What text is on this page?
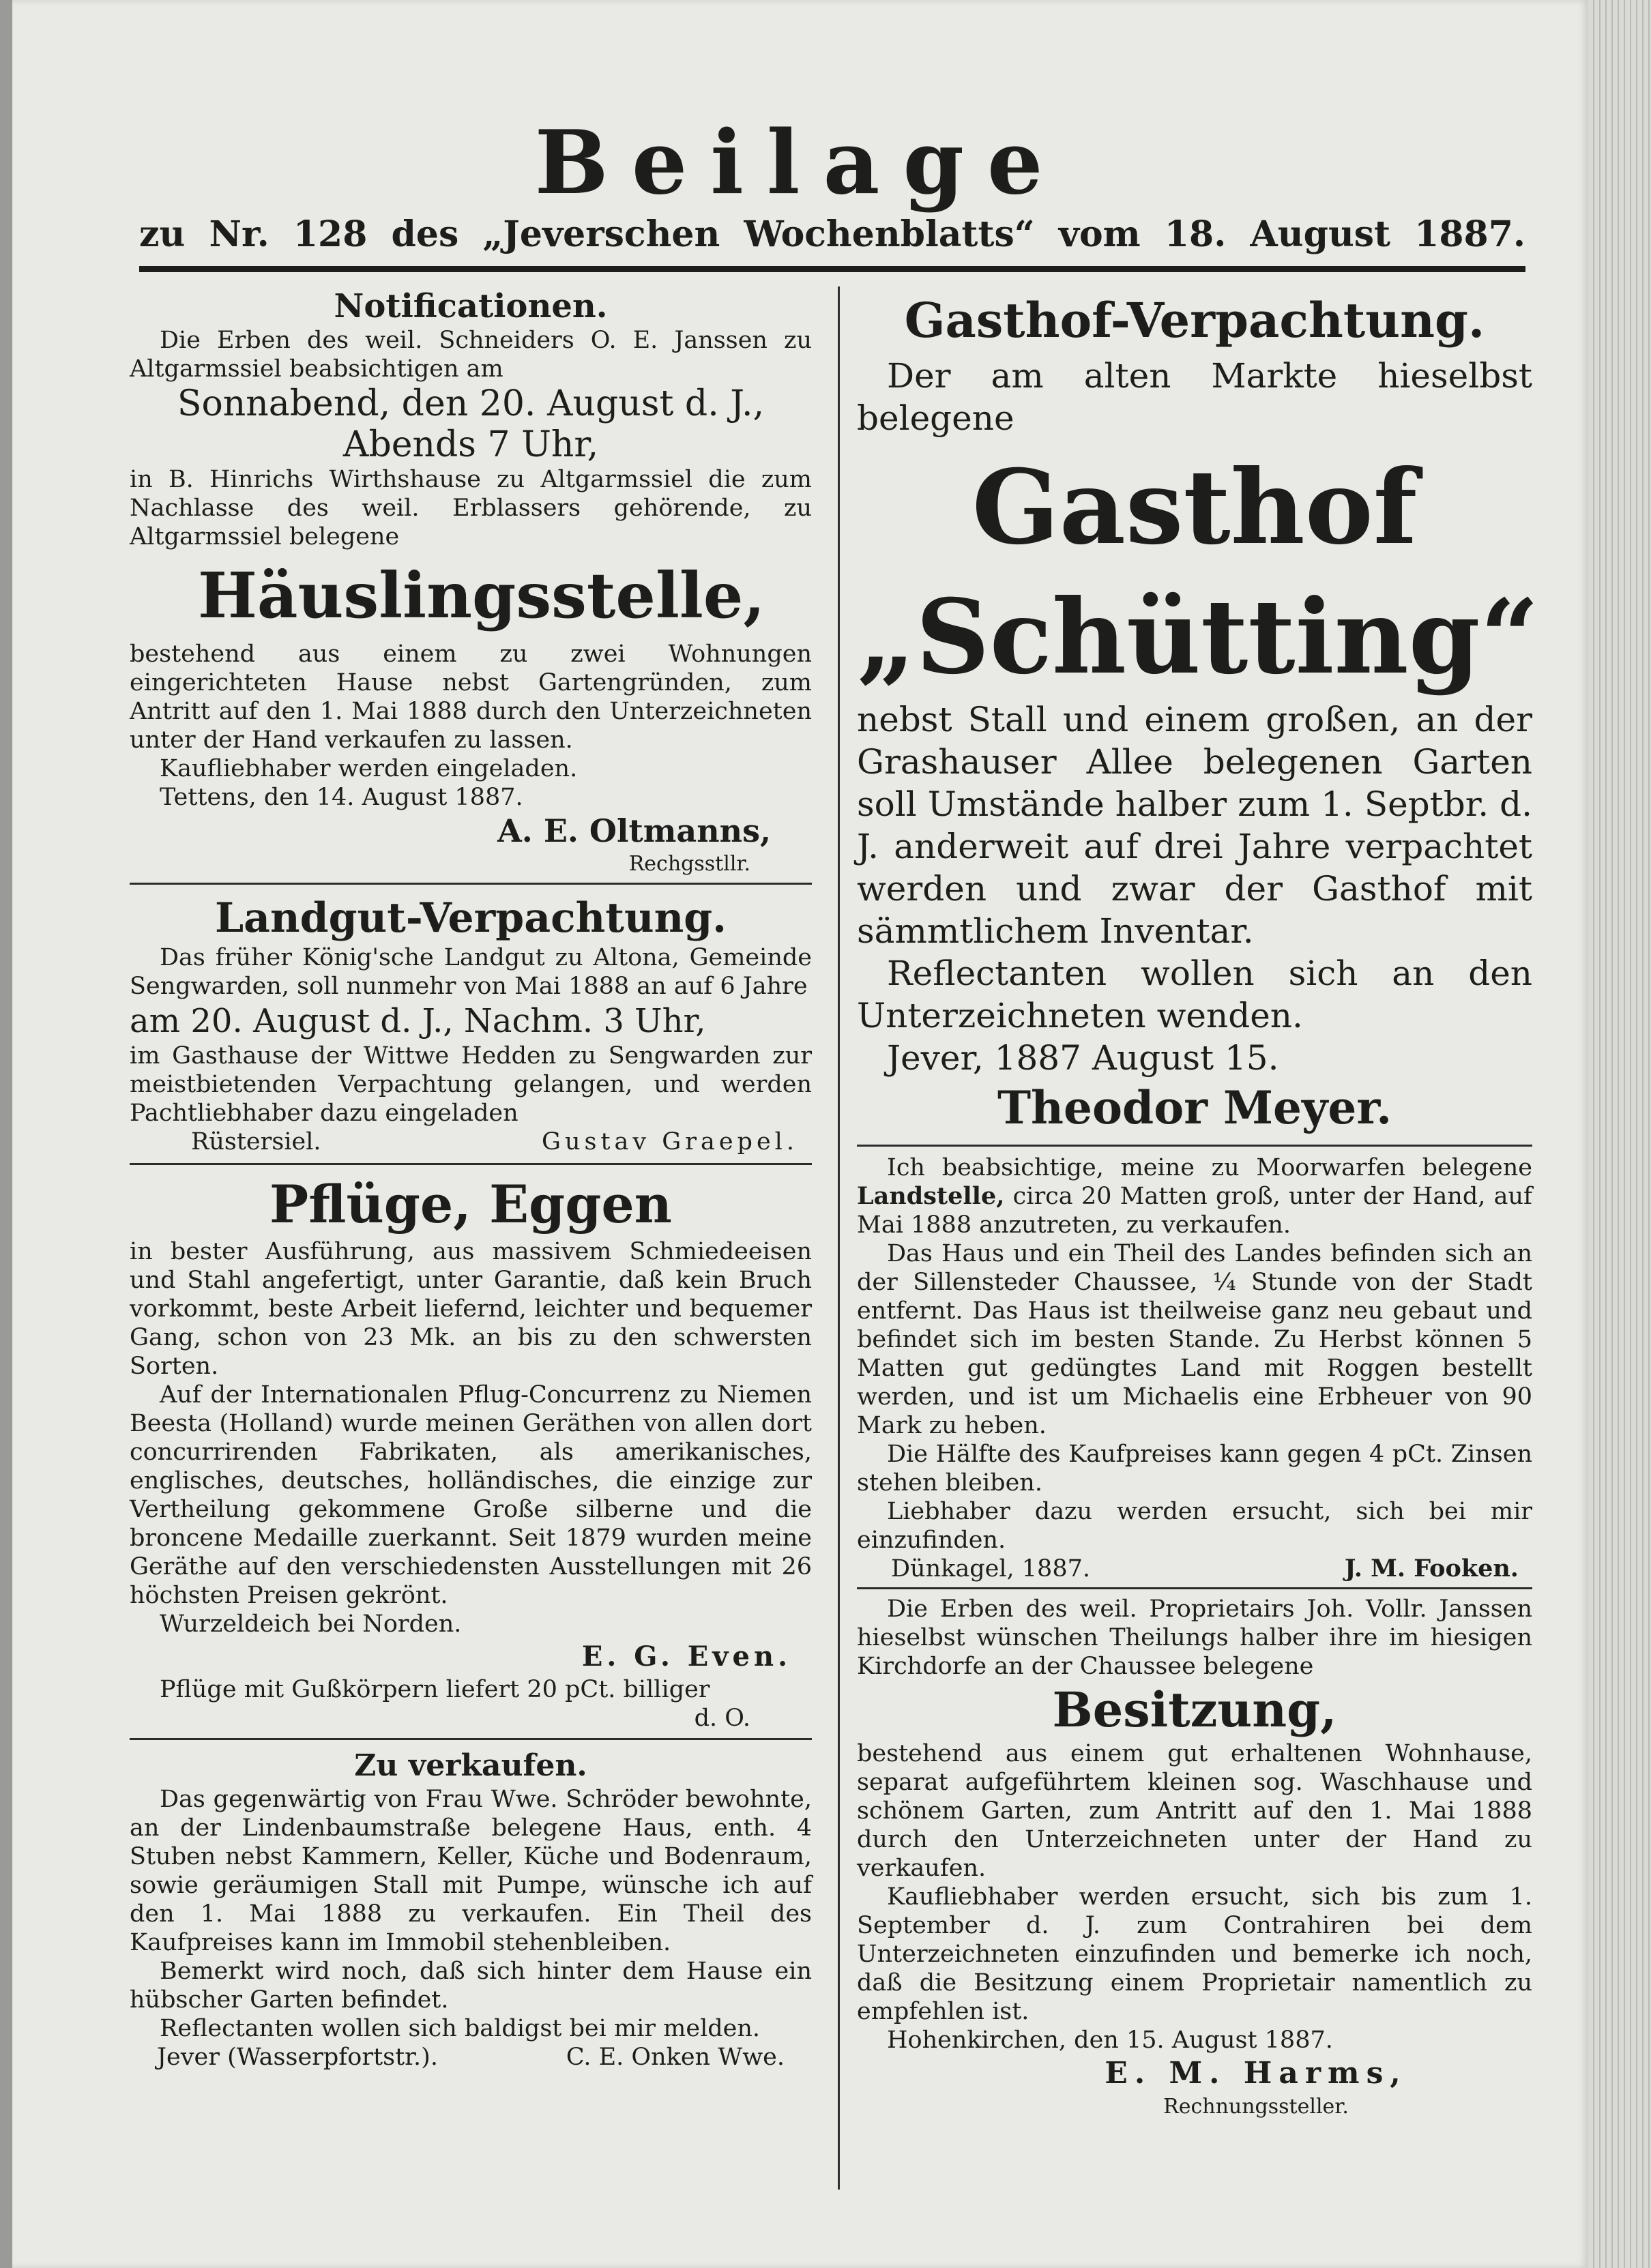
Beilage
zu Nr. 128 des „Jeverschen Wochenblatts“ vom 18. August 1887.
Notificationen.

Die Erben des weil. Schneiders O. E. Janssen zu Altgarmssiel beabsichtigen am

Sonnabend, den 20. August d. J.,

Abends 7 Uhr,

in B. Hinrichs Wirthshause zu Altgarmssiel die zum Nachlasse des weil. Erblassers gehörende, zu Altgarmssiel belegene

Häuslingsstelle,

bestehend aus einem zu zwei Wohnungen eingerichteten Hause nebst Gartengründen, zum Antritt auf den 1. Mai 1888 durch den Unterzeichneten unter der Hand verkaufen zu lassen.

Kaufliebhaber werden eingeladen.

Tettens, den 14. August 1887.

A. E. Oltmanns,

Rechgsstllr.

Landgut-Verpachtung.

Das früher König'sche Landgut zu Altona, Gemeinde Sengwarden, soll nunmehr von Mai 1888 an auf 6 Jahre

am 20. August d. J., Nachm. 3 Uhr,

im Gasthause der Wittwe Hedden zu Sengwarden zur meistbietenden Verpachtung gelangen, und werden Pachtliebhaber dazu eingeladen

Rüstersiel.	Gustav Graepel.

Pflüge, Eggen

in bester Ausführung, aus massivem Schmiedeeisen und Stahl angefertigt, unter Garantie, daß kein Bruch vorkommt, beste Arbeit liefernd, leichter und bequemer Gang, schon von 23 Mk. an bis zu den schwersten Sorten.

Auf der Internationalen Pflug-Concurrenz zu Niemen Beesta (Holland) wurde meinen Geräthen von allen dort concurrirenden Fabrikaten, als amerikanisches, englisches, deutsches, holländisches, die einzige zur Vertheilung gekommene Große silberne und die broncene Medaille zuerkannt. Seit 1879 wurden meine Geräthe auf den verschiedensten Ausstellungen mit 26 höchsten Preisen gekrönt.

Wurzeldeich bei Norden.

E. G. Even.

Pflüge mit Gußkörpern liefert 20 pCt. billiger

d. O.

Zu verkaufen.

Das gegenwärtig von Frau Wwe. Schröder bewohnte, an der Lindenbaumstraße belegene Haus, enth. 4 Stuben nebst Kammern, Keller, Küche und Bodenraum, sowie geräumigen Stall mit Pumpe, wünsche ich auf den 1. Mai 1888 zu verkaufen. Ein Theil des Kaufpreises kann im Immobil stehenbleiben.

Bemerkt wird noch, daß sich hinter dem Hause ein hübscher Garten befindet.

Reflectanten wollen sich baldigst bei mir melden.

Jever (Wasserpfortstr.).	C. E. Onken Wwe.

Gasthof-Verpachtung.

Der am alten Markte hieselbst belegene

Gasthof
„Schütting“

nebst Stall und einem großen, an der Grashauser Allee belegenen Garten soll Umstände halber zum 1. Septbr. d. J. anderweit auf drei Jahre verpachtet werden und zwar der Gasthof mit sämmtlichem Inventar.

Reflectanten wollen sich an den Unterzeichneten wenden.

Jever, 1887 August 15.

Theodor Meyer.

Ich beabsichtige, meine zu Moorwarfen belegene Landstelle, circa 20 Matten groß, unter der Hand, auf Mai 1888 anzutreten, zu verkaufen.

Das Haus und ein Theil des Landes befinden sich an der Sillensteder Chaussee, ¼ Stunde von der Stadt entfernt. Das Haus ist theilweise ganz neu gebaut und befindet sich im besten Stande. Zu Herbst können 5 Matten gut gedüngtes Land mit Roggen bestellt werden, und ist um Michaelis eine Erbheuer von 90 Mark zu heben.

Die Hälfte des Kaufpreises kann gegen 4 pCt. Zinsen stehen bleiben.

Liebhaber dazu werden ersucht, sich bei mir einzufinden.

Dünkagel, 1887.	J. M. Fooken.

Die Erben des weil. Proprietairs Joh. Vollr. Janssen hieselbst wünschen Theilungs halber ihre im hiesigen Kirchdorfe an der Chaussee belegene

Besitzung,

bestehend aus einem gut erhaltenen Wohnhause, separat aufgeführtem kleinen sog. Waschhause und schönem Garten, zum Antritt auf den 1. Mai 1888 durch den Unterzeichneten unter der Hand zu verkaufen.

Kaufliebhaber werden ersucht, sich bis zum 1. September d. J. zum Contrahiren bei dem Unterzeichneten einzufinden und bemerke ich noch, daß die Besitzung einem Proprietair namentlich zu empfehlen ist.

Hohenkirchen, den 15. August 1887.

E. M. Harms,

Rechnungssteller.
